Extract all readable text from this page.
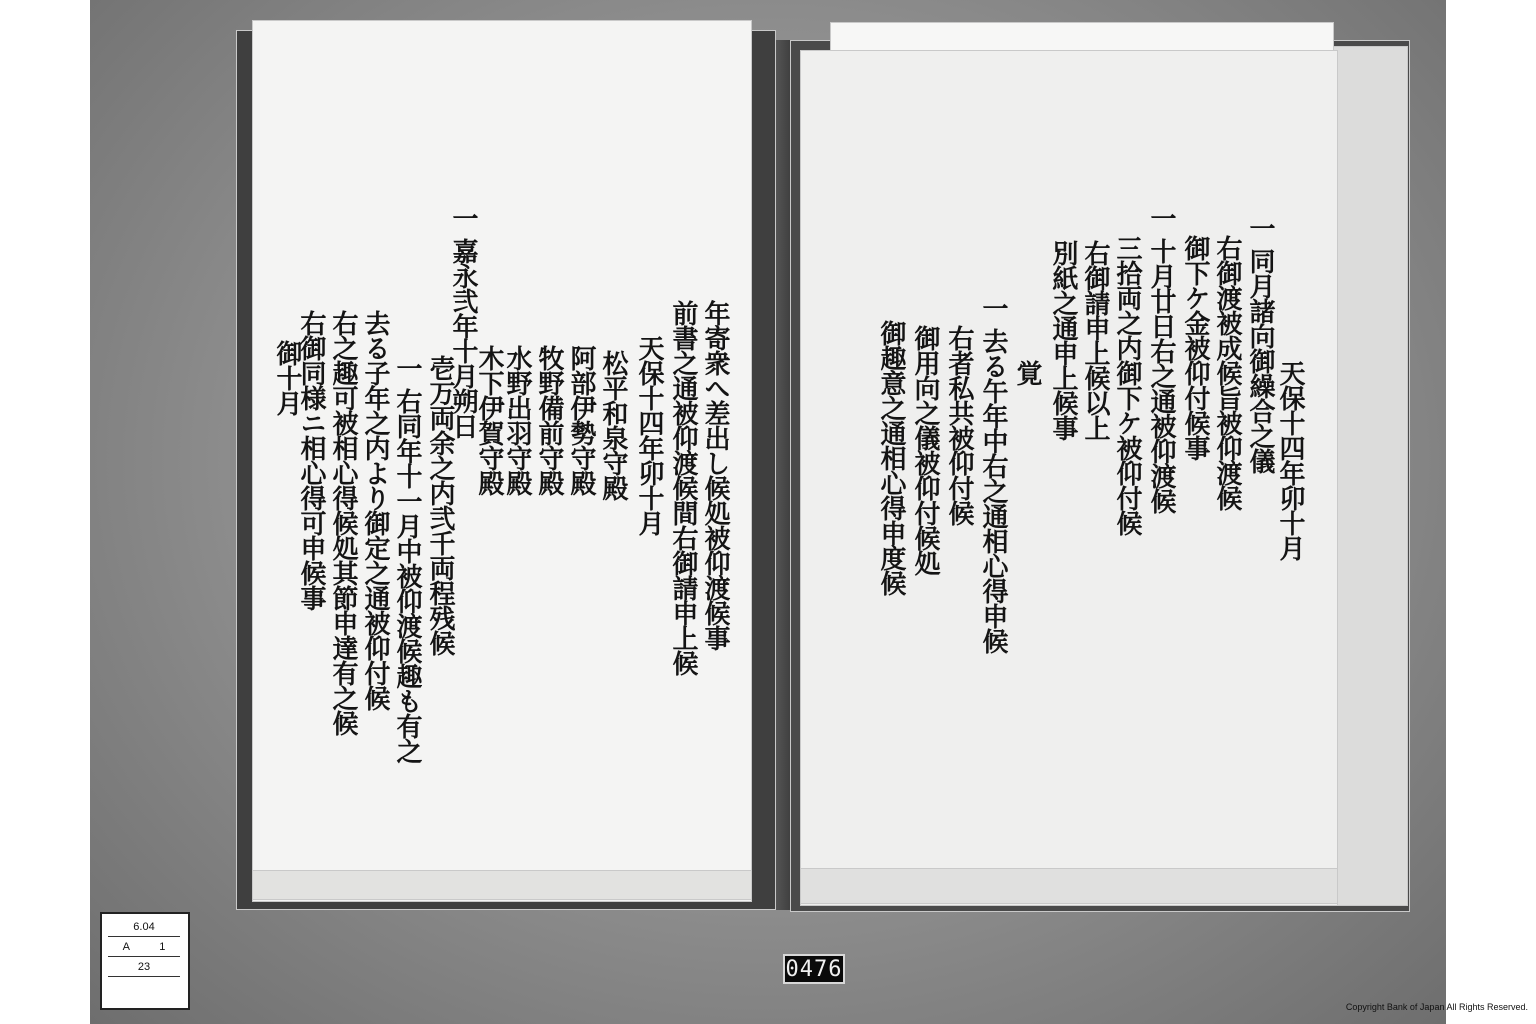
年寄衆へ差出し候処被仰渡候事
前書之通被仰渡候間右御請申上候
天保十四年卯十月
松平和泉守殿
阿部伊勢守殿
牧野備前守殿
水野出羽守殿
木下伊賀守殿
壱万両余之内弐千両程残候
一 右同年十一月中被仰渡候趣も有之
去る子年之内より御定之通被仰付候
右之趣可被相心得候処其節申達有之候
右御同様ニ相心得可申候事
御十月	一 嘉永弐年十月朔日
天保十四年卯十月
一 同月諸向御繰合之儀
右御渡被成候旨被仰渡候
御下ケ金被仰付候事
一 十月廿日右之通被仰渡候
三拾両之内御下ケ被仰付候
右御請申上候以上
別紙之通申上候事
覚
一 去る午年中右之通相心得申候
右者私共被仰付候
御用向之儀被仰付候処
御趣意之通相心得申度候
6.04
A	1
23	0476
Copyright Bank of Japan All Rights Reserved.
